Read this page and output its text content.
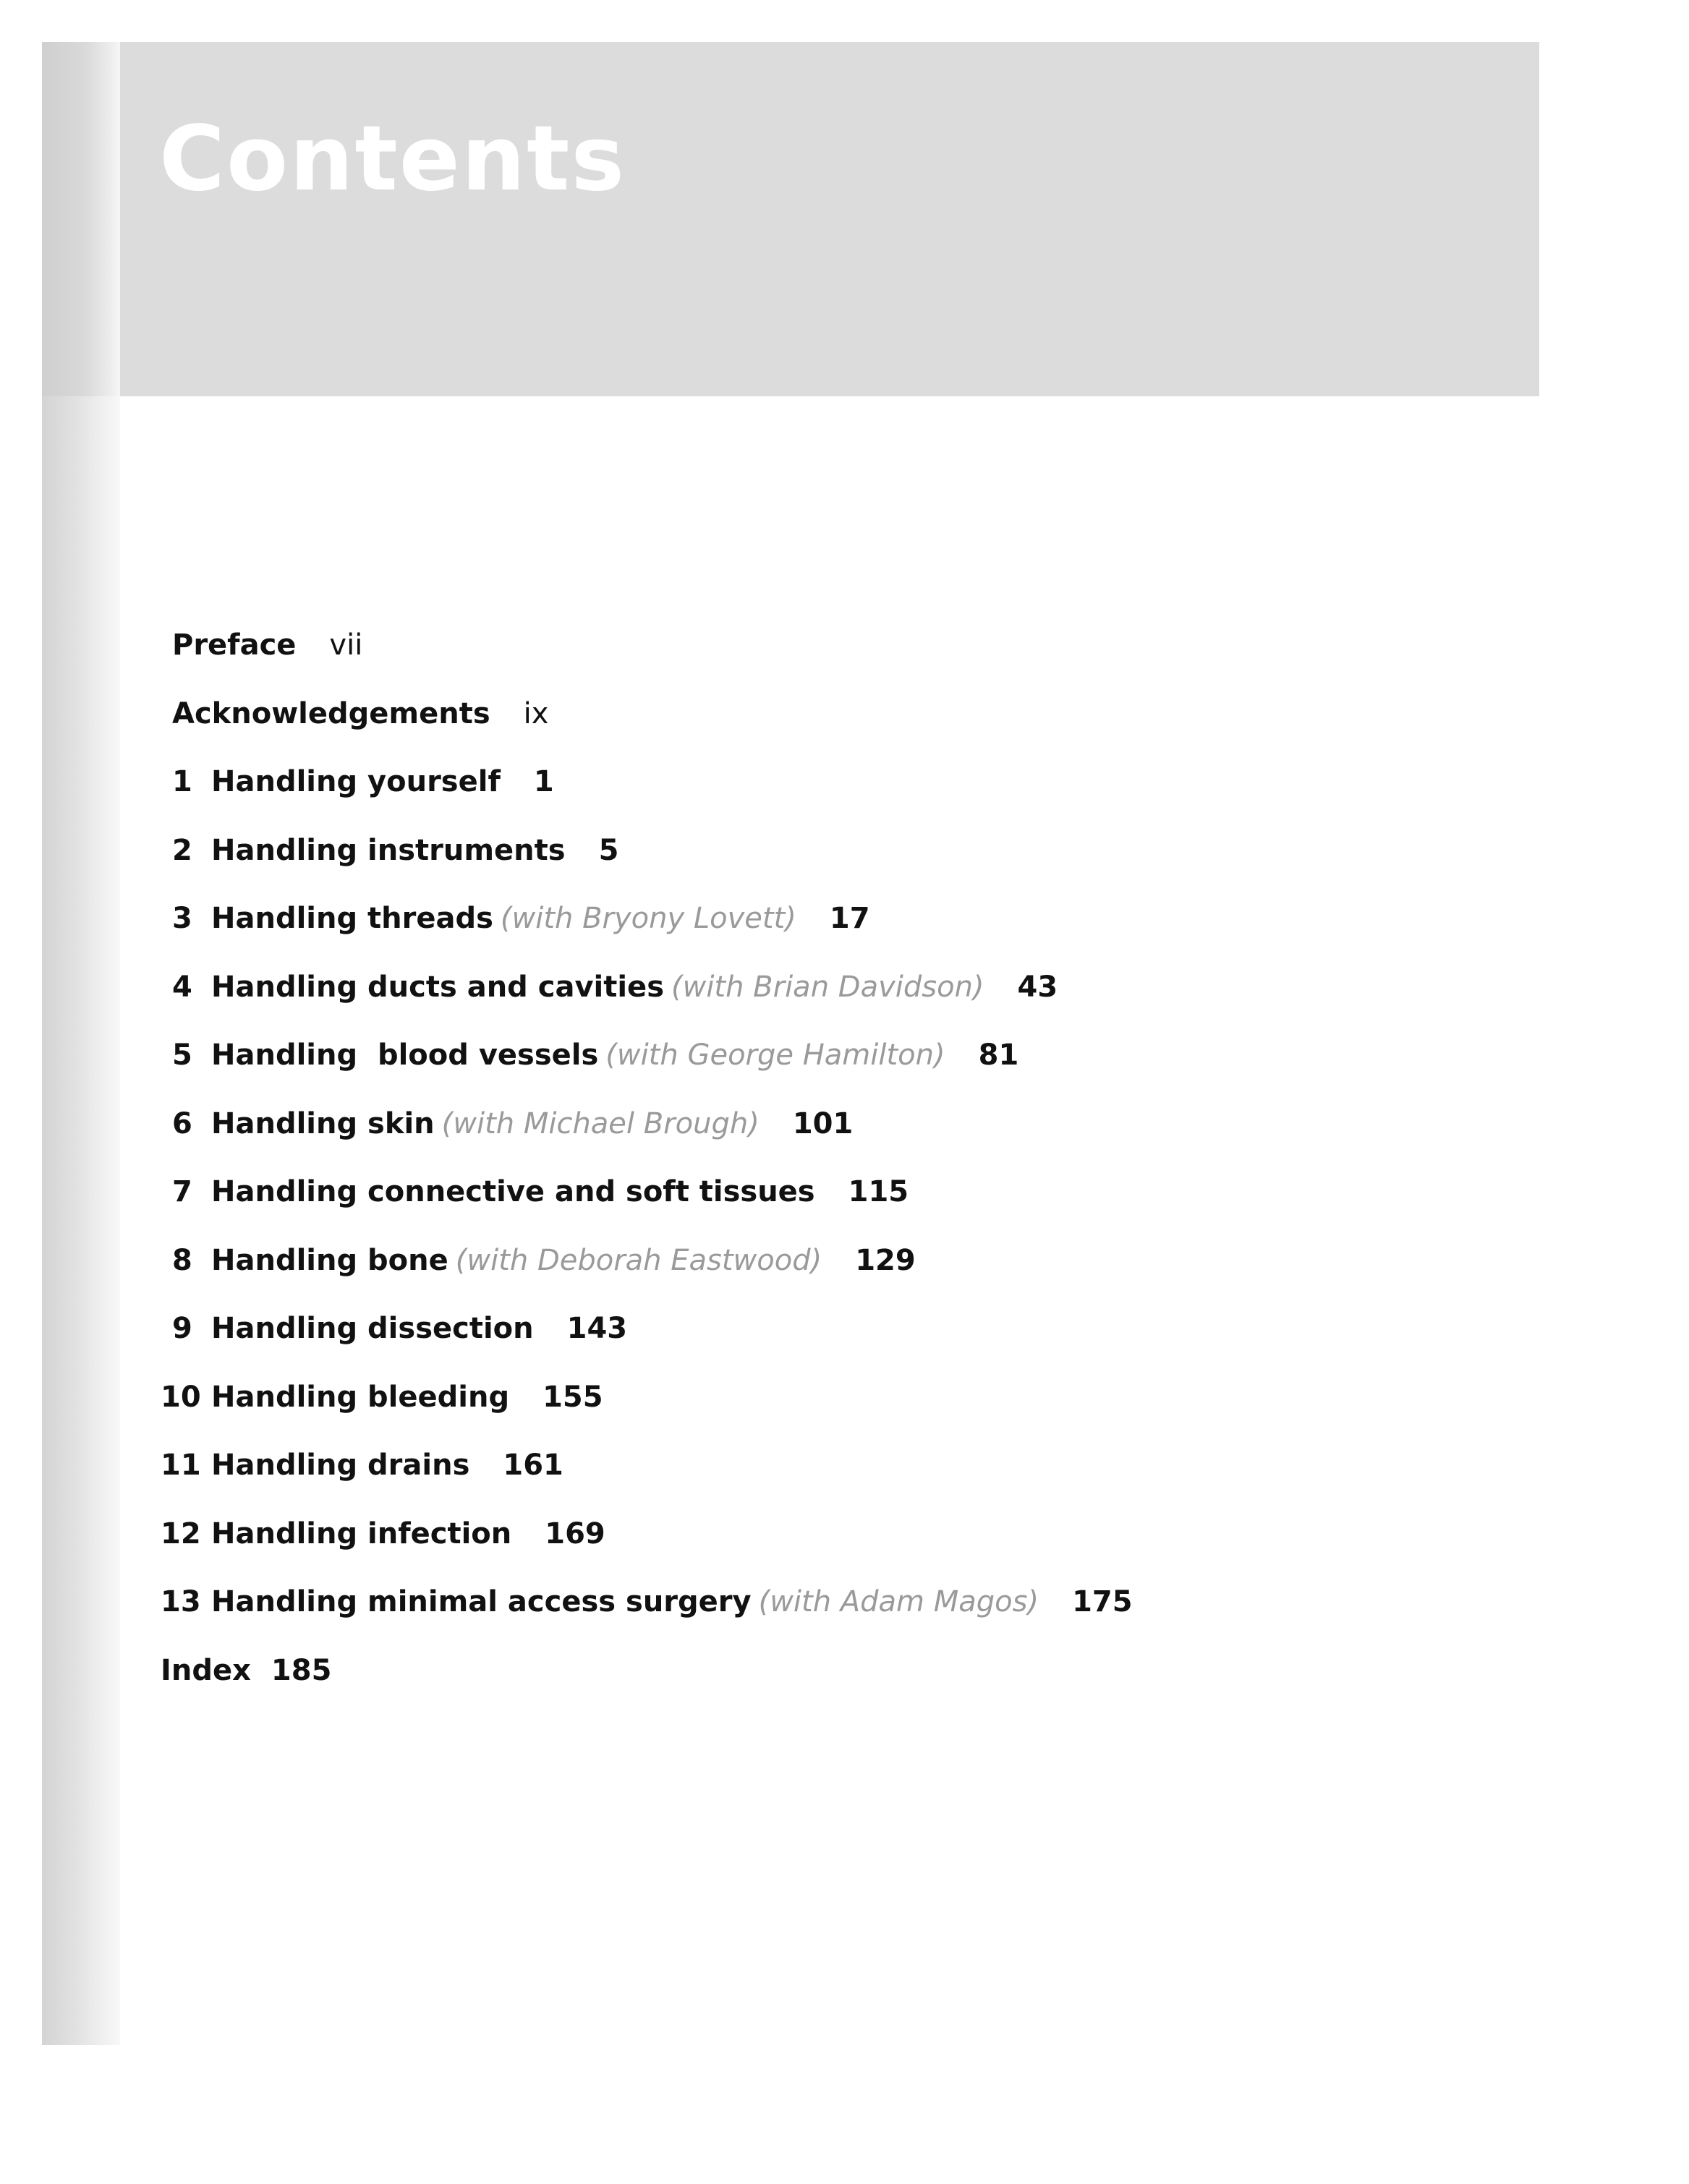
Contents
Preface vii
Acknowledgements ix
1 Handling yourself 1
2 Handling instruments 5
3 Handling threads (with Bryony Lovett) 17
4 Handling ducts and cavities (with Brian Davidson) 43
5 Handling  blood vessels (with George Hamilton) 81
6 Handling skin (with Michael Brough) 101
7 Handling connective and soft tissues 115
8 Handling bone (with Deborah Eastwood) 129
9 Handling dissection 143
10 Handling bleeding 155
11 Handling drains 161
12 Handling infection 169
13 Handling minimal access surgery (with Adam Magos) 175
Index 185
